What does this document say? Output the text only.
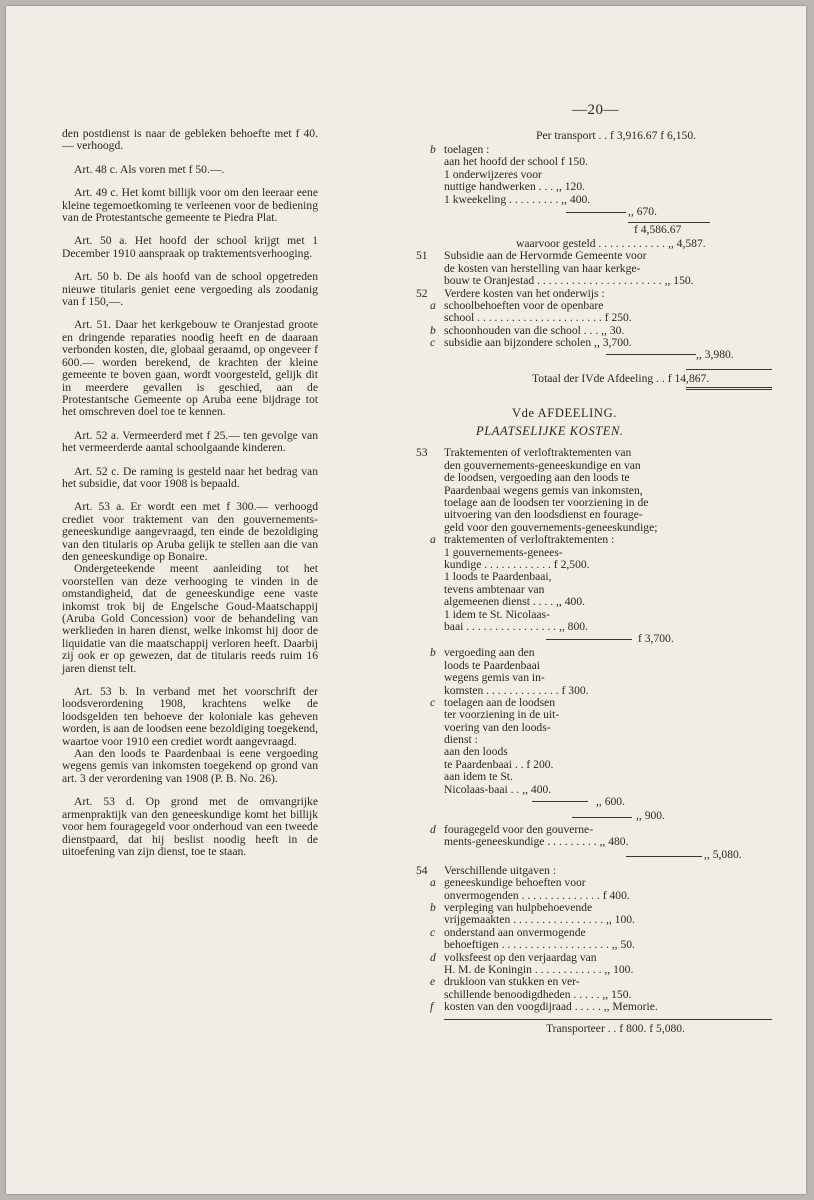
—20—

den postdienst is naar de gebleken behoefte met f 40.— verhoogd.

Art. 48 c. Als voren met f 50.—.

Art. 49 c. Het komt billijk voor om den leeraar eene kleine tegemoetkoming te verleenen voor de bediening van de Protestantsche gemeente te Piedra Plat.

Art. 50 a. Het hoofd der school krijgt met 1 December 1910 aanspraak op traktementsverhooging.

Art. 50 b. De als hoofd van de school opgetreden nieuwe titularis geniet eene vergoeding als zoodanig van f 150,—.

Art. 51. Daar het kerkgebouw te Oranjestad groote en dringende reparaties noodig heeft en de daaraan verbonden kosten, die, globaal geraamd, op ongeveer f 600.— worden berekend, de krachten der kleine gemeente te boven gaan, wordt voorgesteld, gelijk dit in meerdere gevallen is geschied, aan de Protestantsche Gemeente op Aruba eene bijdrage tot het omschreven doel toe te kennen.

Art. 52 a. Vermeerderd met f 25.— ten gevolge van het vermeerderde aantal schoolgaande kinderen.

Art. 52 c. De raming is gesteld naar het bedrag van het subsidie, dat voor 1908 is bepaald.

Art. 53 a. Er wordt een met f 300.— verhoogd crediet voor traktement van den gouvernements-geneeskundige aangevraagd, ten einde de bezoldiging van den titularis op Aruba gelijk te stellen aan die van den geneeskundige op Bonaire.

Ondergeteekende meent aanleiding tot het voorstellen van deze verhooging te vinden in de omstandigheid, dat de geneeskundige eene vaste inkomst trok bij de Engelsche Goud-Maatschappij (Aruba Gold Concession) voor de behandeling van werklieden in haren dienst, welke inkomst hij door de liquidatie van die maatschappij verloren heeft. Daarbij zij ook er op gewezen, dat de titularis reeds ruim 16 jaren dienst telt.

Art. 53 b. In verband met het voorschrift der loodsverordening 1908, krachtens welke de loodsgelden ten behoeve der koloniale kas geheven worden, is aan de loodsen eene bezoldiging toegekend, waartoe voor 1910 een crediet wordt aangevraagd.

Aan den loods te Paardenbaai is eene vergoeding wegens gemis van inkomsten toegekend op grond van art. 3 der verordening van 1908 (P. B. No. 26).

Art. 53 d. Op grond met de omvangrijke armenpraktijk van den geneeskundige komt het billijk voor hem fouragegeld voor onderhoud van een tweede dienstpaard, dat hij beslist noodig heeft in de uitoefening van zijn dienst, toe te staan.

Per transport . . f 3,916.67 f 6,150.
b toelagen :
aan het hoofd der school f 150.
1 onderwijzeres voor
nuttige handwerken . . . ,, 120.
1 kweekeling . . . . . . . . . ,, 400.
,, 670.
f 4,586.67
waarvoor gesteld . . . . . . . . . . . . ,, 4,587.
51 Subsidie aan de Hervormde Gemeente voor
de kosten van herstelling van haar kerkge-
bouw te Oranjestad . . . . . . . . . . . . . . . . . . . . . . ,, 150.
52 Verdere kosten van het onderwijs :
a schoolbehoeften voor de openbare
school . . . . . . . . . . . . . . . . . . . . . . f 250.
b schoonhouden van die school . . . ,, 30.
c subsidie aan bijzondere scholen ,, 3,700.
,, 3,980.
Totaal der IVde Afdeeling . . f 14,867.
Vde AFDEELING.
PLAATSELIJKE KOSTEN.
53 Traktementen of verloftraktementen van
den gouvernements-geneeskundige en van
de loodsen, vergoeding aan den loods te
Paardenbaai wegens gemis van inkomsten,
toelage aan de loodsen ter voorziening in de
uitvoering van den loodsdienst en fourage-
geld voor den gouvernements-geneeskundige;
a traktementen of verloftraktementen :
1 gouvernements-genees-
kundige . . . . . . . . . . . . f 2,500.
1 loods te Paardenbaai,
tevens ambtenaar van
algemeenen dienst . . . . ,, 400.
1 idem te St. Nicolaas-
baai . . . . . . . . . . . . . . . . ,, 800.
f 3,700.
b vergoeding aan den
loods te Paardenbaai
wegens gemis van in-
komsten . . . . . . . . . . . . . f 300.
c toelagen aan de loodsen
ter voorziening in de uit-
voering van den loods-
dienst :
aan den loods
te Paardenbaai . . f 200.
aan idem te St.
Nicolaas-baai . . ,, 400.
,, 600.
,, 900.
d fouragegeld voor den gouverne-
ments-geneeskundige . . . . . . . . . ,, 480.
,, 5,080.
54 Verschillende uitgaven :
a geneeskundige behoeften voor
onvermogenden . . . . . . . . . . . . . . f 400.
b verpleging van hulpbehoevende
vrijgemaakten . . . . . . . . . . . . . . . . ,, 100.
c onderstand aan onvermogende
behoeftigen . . . . . . . . . . . . . . . . . . . ,, 50.
d volksfeest op den verjaardag van
H. M. de Koningin . . . . . . . . . . . . ,, 100.
e drukloon van stukken en ver-
schillende benoodigdheden . . . . . ,, 150.
f kosten van den voogdijraad . . . . . ,, Memorie.
Transporteer . . f 800. f 5,080.
